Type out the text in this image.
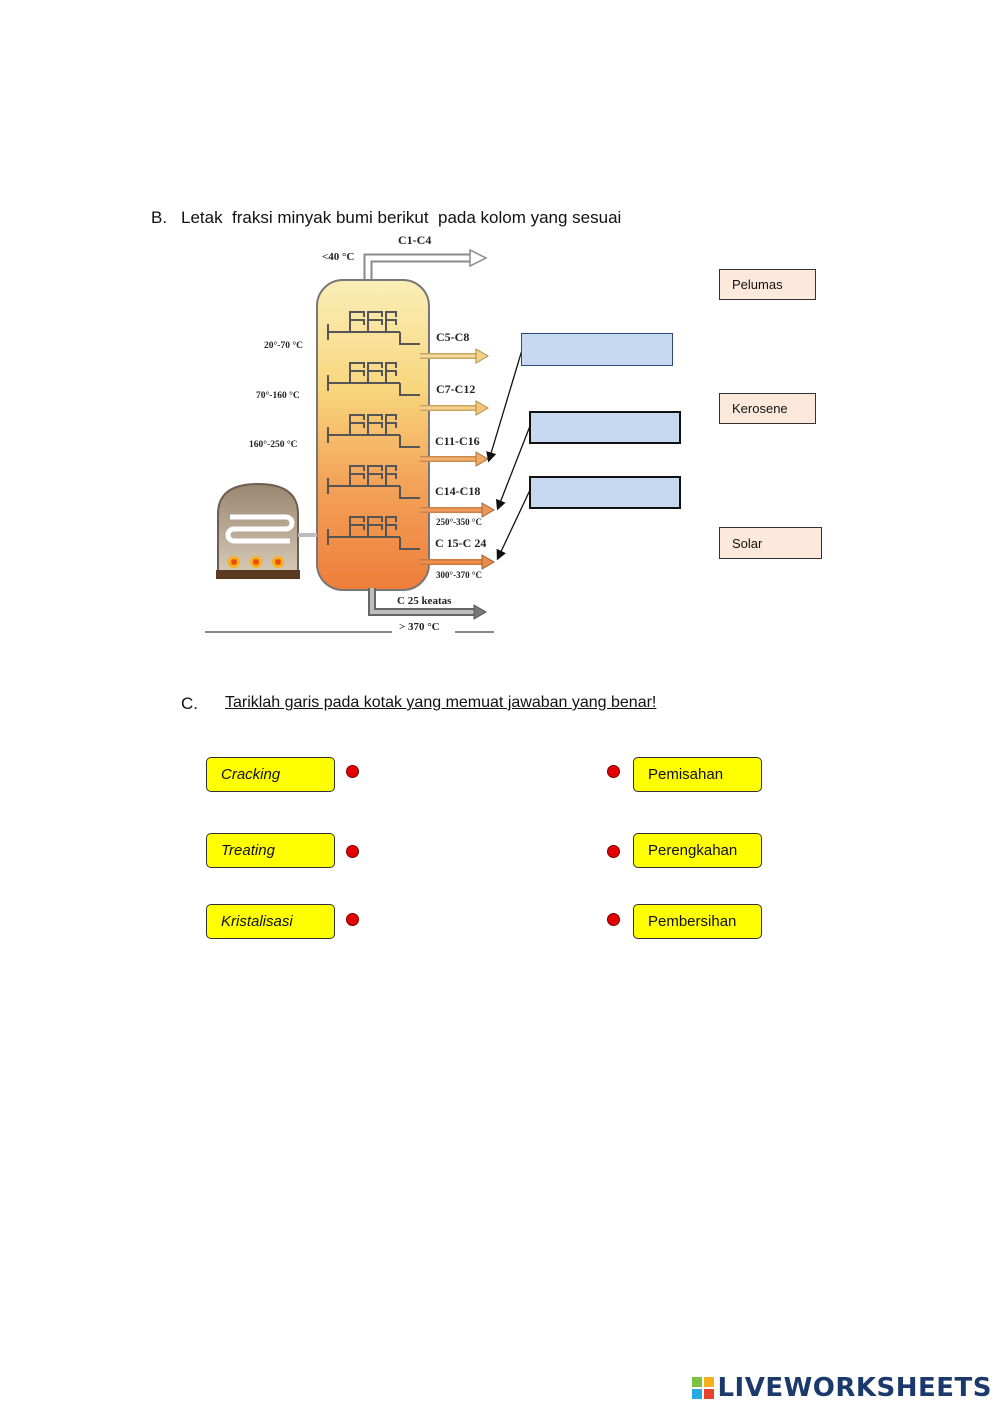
B. Letak  fraksi minyak bumi berikut  pada kolom yang sesuai
<40 °C
C1-C4
20°-70 °C
70°-160 °C
160°-250 °C
C5-C8
C7-C12
C11-C16
C14-C18
C 15-C 24
250°-350 °C
300°-370 °C
C 25 keatas
> 370 °C
Pelumas
Kerosene
Solar
C. Tariklah garis pada kotak yang memuat jawaban yang benar!
Cracking
Treating
Kristalisasi
Pemisahan
Perengkahan
Pembersihan
LIVEWORKSHEETS
